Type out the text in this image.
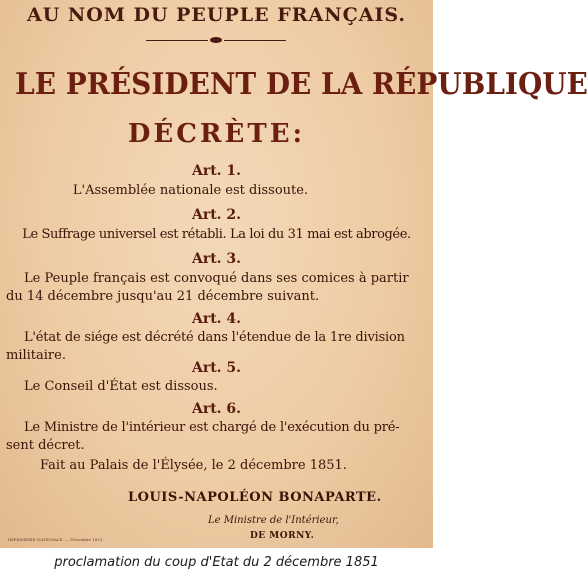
AU NOM DU PEUPLE FRANÇAIS.
LE PRÉSIDENT DE LA RÉPUBLIQUE
DÉCRÈTE:
Art. 1.
L'Assemblée nationale est dissoute.
Art. 2.
Le Suffrage universel est rétabli. La loi du 31 mai est abrogée.
Art. 3.
Le Peuple français est convoqué dans ses comices à partir
du 14 décembre jusqu'au 21 décembre suivant.
Art. 4.
L'état de siége est décrété dans l'étendue de la 1re division
militaire.
Art. 5.
Le Conseil d'État est dissous.
Art. 6.
Le Ministre de l'intérieur est chargé de l'exécution du pré-
sent décret.
Fait au Palais de l'Élysée, le 2 décembre 1851.
LOUIS-NAPOLÉON BONAPARTE.
Le Ministre de l'Intérieur,
DE MORNY.
IMPRIMERIE NATIONALE. — Décembre 1851.
proclamation du coup d'Etat du 2 décembre 1851
